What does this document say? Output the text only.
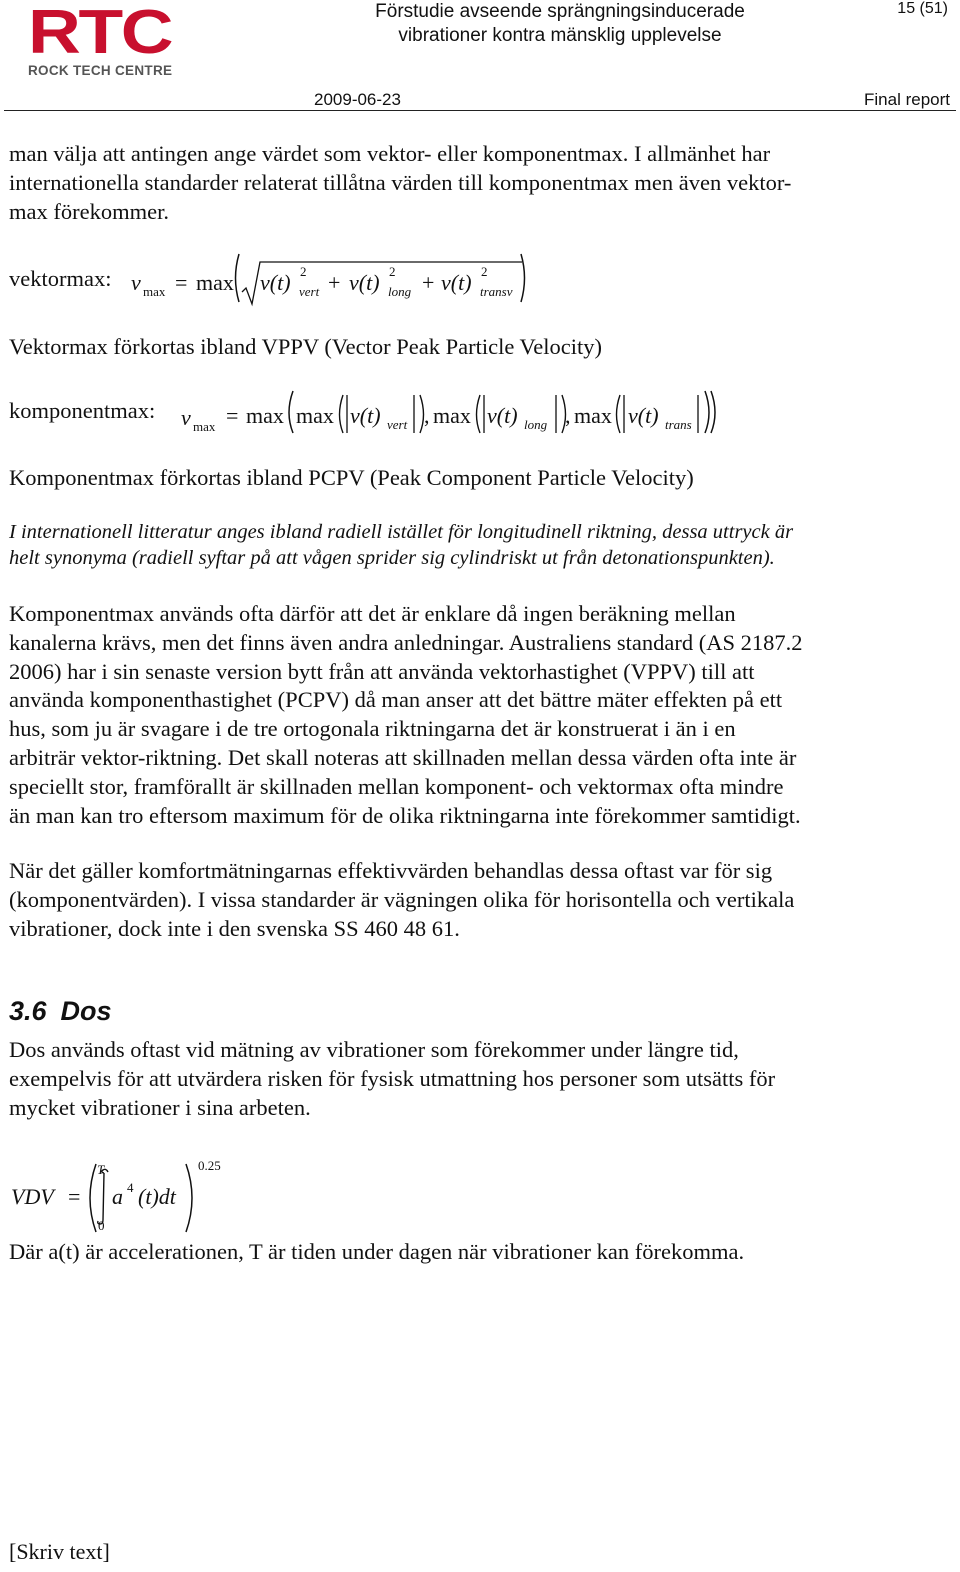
RTC
ROCK TECH CENTRE
Förstudie avseende sprängningsinducerade
vibrationer kontra mänsklig upplevelse
15 (51)
2009-06-23	Final report
man välja att antingen ange värdet som vektor- eller komponentmax. I allmänhet har
internationella standarder relaterat tillåtna värden till komponentmax men även vektor-
max förekommer.
vektormax: v max = max v(t) 2
vert + v(t) 2
long + v(t) 2
transv
Vektormax förkortas ibland VPPV (Vector Peak Particle Velocity)
komponentmax: v max = max max v(t) vert , max v(t) long , max v(t) trans
Komponentmax förkortas ibland PCPV (Peak Component Particle Velocity)
I internationell litteratur anges ibland radiell istället för longitudinell riktning, dessa uttryck är
helt synonyma (radiell syftar på att vågen sprider sig cylindriskt ut från detonationspunkten).
Komponentmax används ofta därför att det är enklare då ingen beräkning mellan
kanalerna krävs, men det finns även andra anledningar. Australiens standard (AS 2187.2
2006) har i sin senaste version bytt från att använda vektorhastighet (VPPV) till att
använda komponenthastighet (PCPV) då man anser att det bättre mäter effekten på ett
hus, som ju är svagare i de tre ortogonala riktningarna det är konstruerat i än i en
arbiträr vektor-riktning. Det skall noteras att skillnaden mellan dessa värden ofta inte är
speciellt stor, framförallt är skillnaden mellan komponent- och vektormax ofta mindre
än man kan tro eftersom maximum för de olika riktningarna inte förekommer samtidigt.
När det gäller komfortmätningarnas effektivvärden behandlas dessa oftast var för sig
(komponentvärden). I vissa standarder är vägningen olika för horisontella och vertikala
vibrationer, dock inte i den svenska SS 460 48 61.
3.6 Dos
Dos används oftast vid mätning av vibrationer som förekommer under längre tid,
exempelvis för att utvärdera risken för fysisk utmattning hos personer som utsätts för
mycket vibrationer i sina arbeten.
VDV =
T
0
a 4 (t)dt
0.25
Där a(t) är accelerationen, T är tiden under dagen när vibrationer kan förekomma.
[Skriv text]
